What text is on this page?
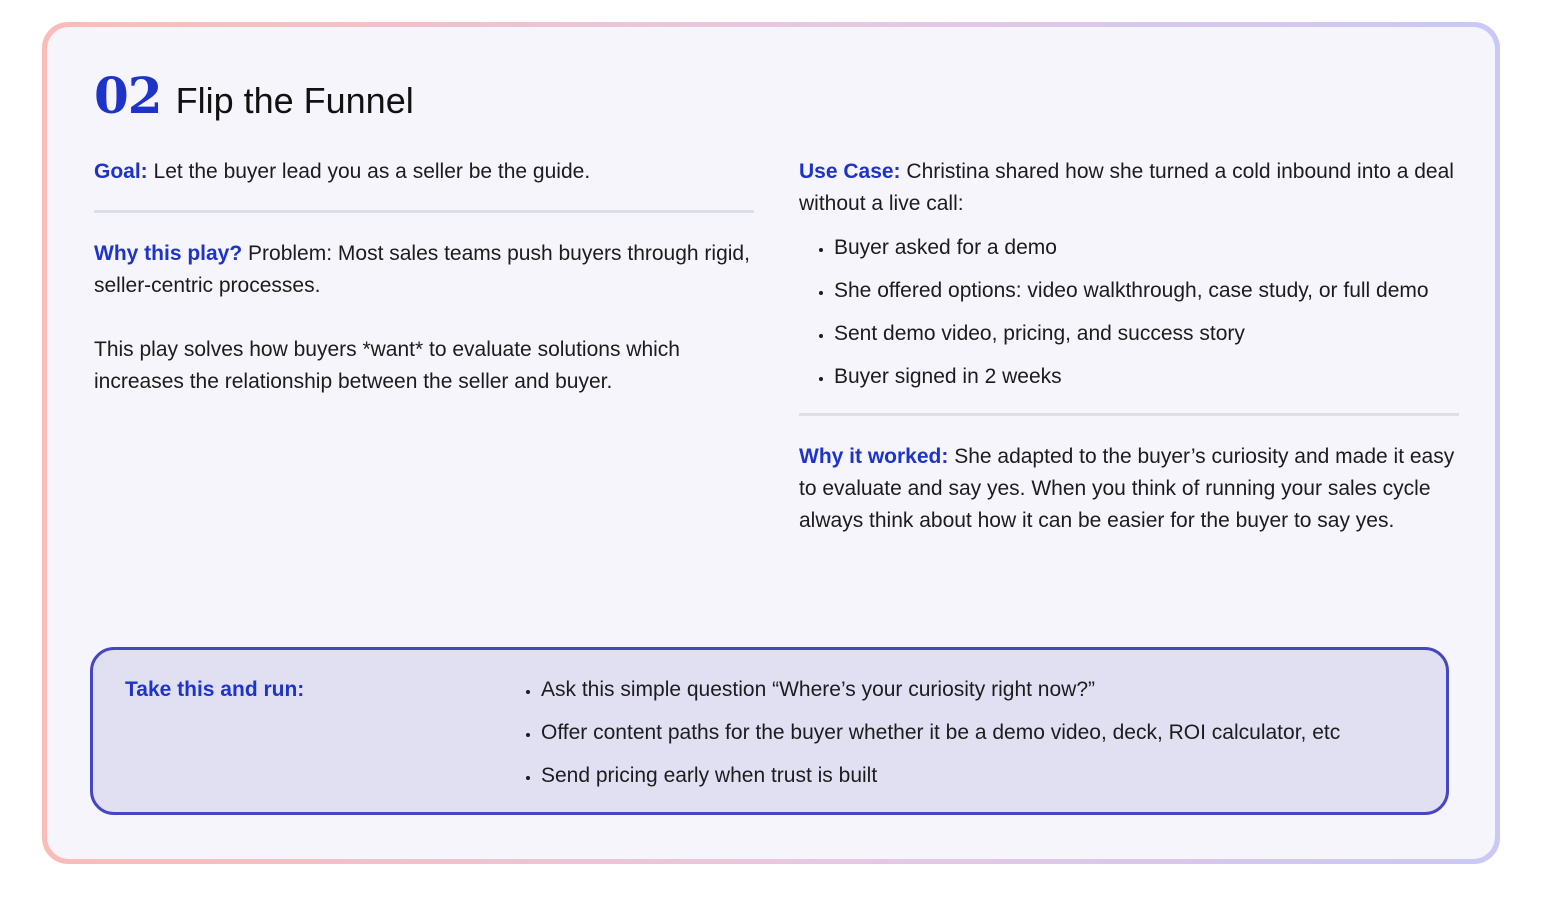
02 Flip the Funnel

Goal: Let the buyer lead you as a seller be the guide.

Why this play? Problem: Most sales teams push buyers through rigid, seller-centric processes.

This play solves how buyers *want* to evaluate solutions which increases the relationship between the seller and buyer.

Use Case: Christina shared how she turned a cold inbound into a deal without a live call:

• Buyer asked for a demo
• She offered options: video walkthrough, case study, or full demo
• Sent demo video, pricing, and success story
• Buyer signed in 2 weeks

Why it worked: She adapted to the buyer’s curiosity and made it easy to evaluate and say yes. When you think of running your sales cycle always think about how it can be easier for the buyer to say yes.

Take this and run:
•	Ask this simple question “Where’s your curiosity right now?”
• Offer content paths for the buyer whether it be a demo video, deck, ROI calculator, etc
• Send pricing early when trust is built
